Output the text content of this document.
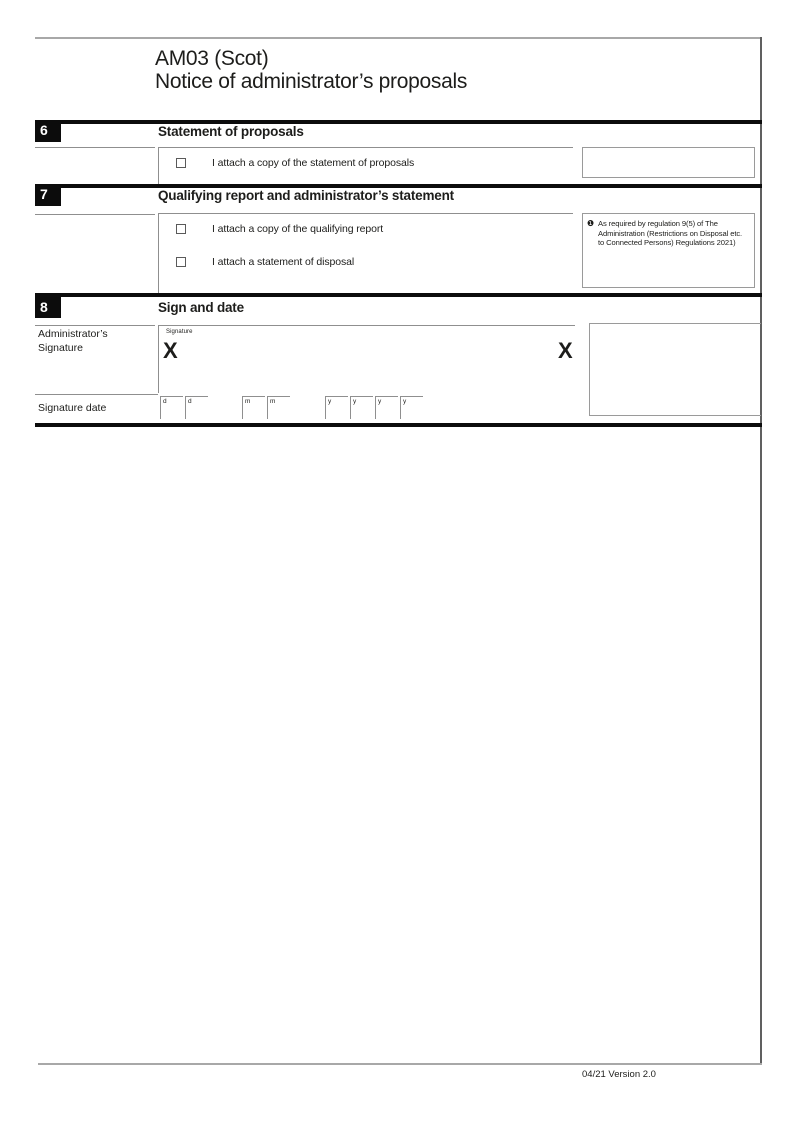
AM03 (Scot)
Notice of administrator’s proposals
6	Statement of proposals
I attach a copy of the statement of proposals
7	Qualifying report and administrator’s statement
I attach a copy of the qualifying report
I attach a statement of disposal
❶ As required by regulation 9(5) of The Administration (Restrictions on Disposal etc. to Connected Persons) Regulations 2021)
8	Sign and date
Administrator’s Signature
Signature
X	X
Signature date
d	d	m	m	y	y	y	y
04/21 Version 2.0
